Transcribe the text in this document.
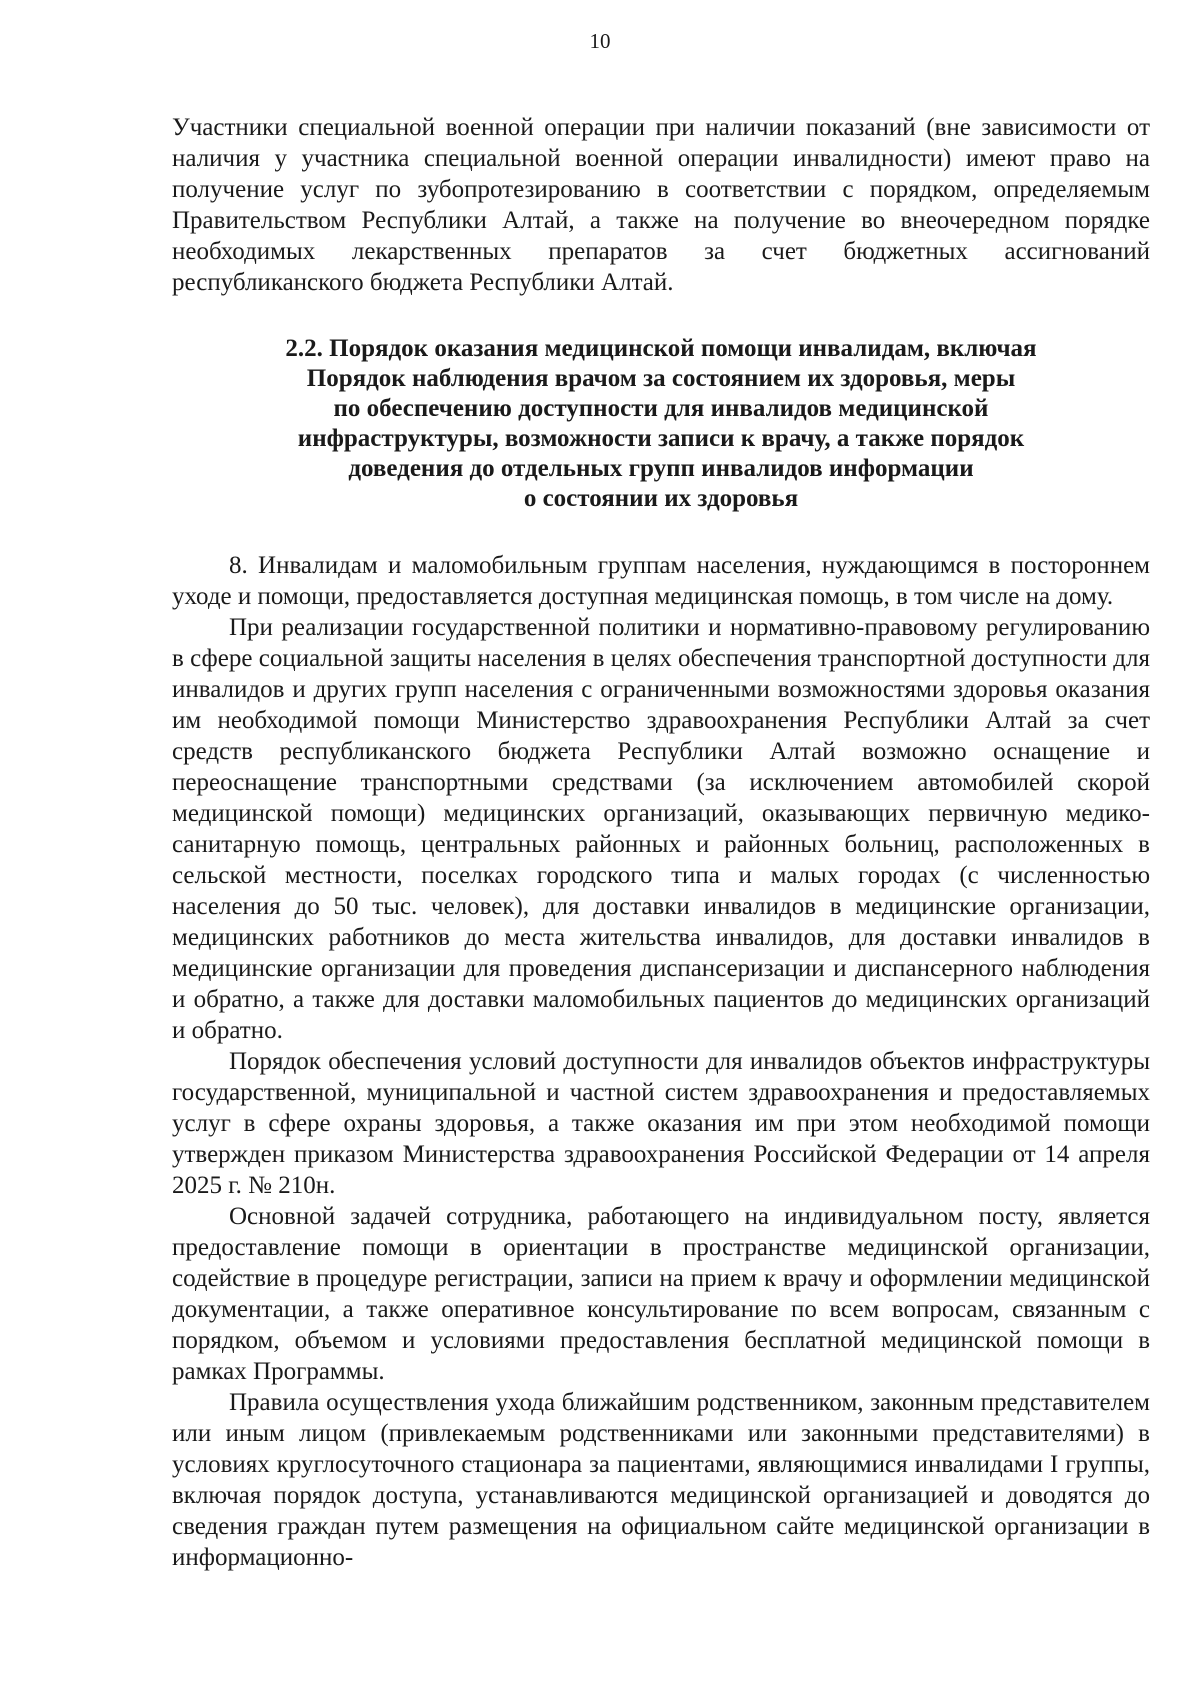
10

Участники специальной военной операции при наличии показаний (вне зависимости от наличия у участника специальной военной операции инвалидности) имеют право на получение услуг по зубопротезированию в соответствии с порядком, определяемым Правительством Республики Алтай, а также на получение во внеочередном порядке необходимых лекарственных препаратов за счет бюджетных ассигнований республиканского бюджета Республики Алтай.

2.2. Порядок оказания медицинской помощи инвалидам, включая
Порядок наблюдения врачом за состоянием их здоровья, меры
по обеспечению доступности для инвалидов медицинской
инфраструктуры, возможности записи к врачу, а также порядок
доведения до отдельных групп инвалидов информации
о состоянии их здоровья

8. Инвалидам и маломобильным группам населения, нуждающимся в постороннем уходе и помощи, предоставляется доступная медицинская помощь, в том числе на дому.

При реализации государственной политики и нормативно-правовому регулированию в сфере социальной защиты населения в целях обеспечения транспортной доступности для инвалидов и других групп населения с ограниченными возможностями здоровья оказания им необходимой помощи Министерство здравоохранения Республики Алтай за счет средств республиканского бюджета Республики Алтай возможно оснащение и переоснащение транспортными средствами (за исключением автомобилей скорой медицинской помощи) медицинских организаций, оказывающих первичную медико-санитарную помощь, центральных районных и районных больниц, расположенных в сельской местности, поселках городского типа и малых городах (с численностью населения до 50 тыс. человек), для доставки инвалидов в медицинские организации, медицинских работников до места жительства инвалидов, для доставки инвалидов в медицинские организации для проведения диспансеризации и диспансерного наблюдения и обратно, а также для доставки маломобильных пациентов до медицинских организаций и обратно.

Порядок обеспечения условий доступности для инвалидов объектов инфраструктуры государственной, муниципальной и частной систем здравоохранения и предоставляемых услуг в сфере охраны здоровья, а также оказания им при этом необходимой помощи утвержден приказом Министерства здравоохранения Российской Федерации от 14 апреля 2025 г. № 210н.

Основной задачей сотрудника, работающего на индивидуальном посту, является предоставление помощи в ориентации в пространстве медицинской организации, содействие в процедуре регистрации, записи на прием к врачу и оформлении медицинской документации, а также оперативное консультирование по всем вопросам, связанным с порядком, объемом и условиями предоставления бесплатной медицинской помощи в рамках Программы.

Правила осуществления ухода ближайшим родственником, законным представителем или иным лицом (привлекаемым родственниками или законными представителями) в условиях круглосуточного стационара за пациентами, являющимися инвалидами I группы, включая порядок доступа, устанавливаются медицинской организацией и доводятся до сведения граждан путем размещения на официальном сайте медицинской организации в информационно-
